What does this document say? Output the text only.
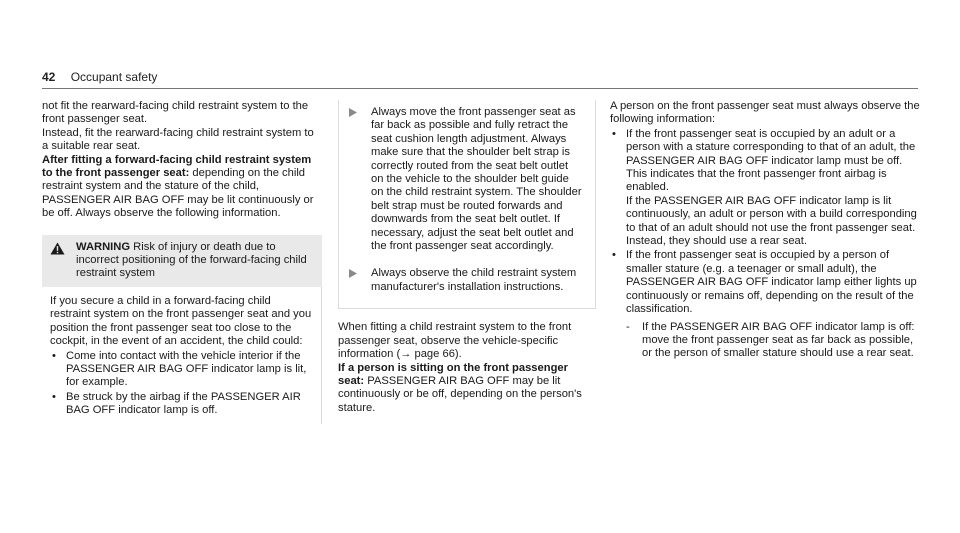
42 Occupant safety

not fit the rearward-facing child restraint system to the front passenger seat.

Instead, fit the rearward-facing child restraint system to a suitable rear seat.

After fitting a forward-facing child restraint system to the front passenger seat: depending on the child restraint system and the stature of the child, PASSENGER AIR BAG OFF may be lit continuously or be off. Always observe the following information.

WARNING Risk of injury or death due to incorrect positioning of the forward-facing child restraint system

If you secure a child in a forward-facing child restraint system on the front passenger seat and you position the front passenger seat too close to the cockpit, in the event of an accident, the child could:

• Come into contact with the vehicle interior if the PASSENGER AIR BAG OFF indicator lamp is lit, for example.
• Be struck by the airbag if the PASSENGER AIR BAG OFF indicator lamp is off.
Always move the front passenger seat as far back as possible and fully retract the seat cushion length adjustment. Always make sure that the shoulder belt strap is correctly routed from the seat belt outlet on the vehicle to the shoulder belt guide on the child restraint system. The shoulder belt strap must be routed forwards and downwards from the seat belt outlet. If necessary, adjust the seat belt outlet and the front passenger seat accordingly.
Always observe the child restraint system manufacturer's installation instructions.

When fitting a child restraint system to the front passenger seat, observe the vehicle-specific information (→ page 66).

If a person is sitting on the front passenger seat: PASSENGER AIR BAG OFF may be lit continuously or be off, depending on the person's stature.

A person on the front passenger seat must always observe the following information:

• If the front passenger seat is occupied by an adult or a person with a stature corresponding to that of an adult, the PASSENGER AIR BAG OFF indicator lamp must be off. This indicates that the front passenger front airbag is enabled.
If the PASSENGER AIR BAG OFF indicator lamp is lit continuously, an adult or person with a build corresponding to that of an adult should not use the front passenger seat.
Instead, they should use a rear seat.
• If the front passenger seat is occupied by a person of smaller stature (e.g. a teenager or small adult), the PASSENGER AIR BAG OFF indicator lamp either lights up continuously or remains off, depending on the result of the classification.
-	If the PASSENGER AIR BAG OFF indicator lamp is off: move the front passenger seat as far back as possible, or the person of smaller stature should use a rear seat.
